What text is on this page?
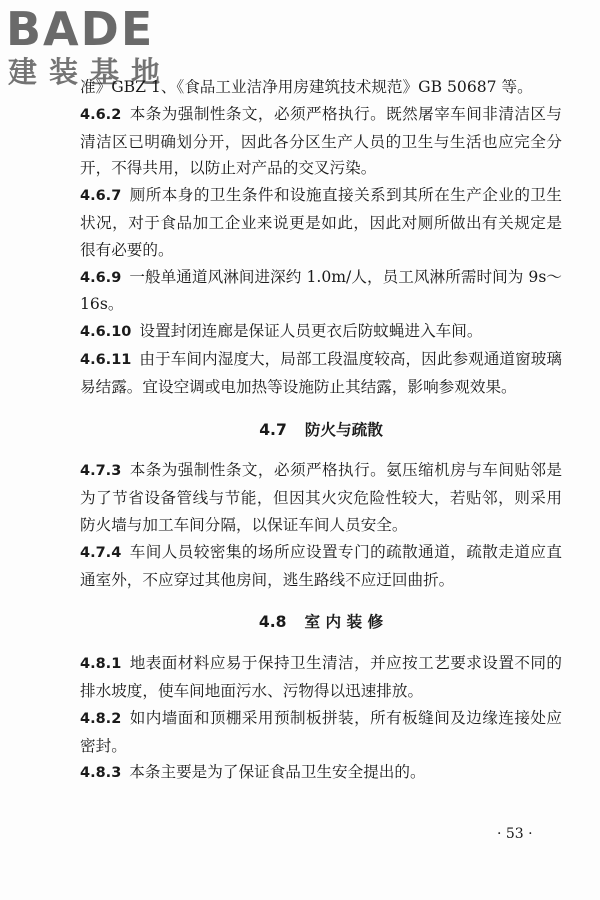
BADE
建装基地

准》GBZ 1、《食品工业洁净用房建筑技术规范》GB 50687 等。

4.6.2 本条为强制性条文，必须严格执行。既然屠宰车间非清洁区与清洁区已明确划分开，因此各分区生产人员的卫生与生活也应完全分开，不得共用，以防止对产品的交叉污染。

4.6.7 厕所本身的卫生条件和设施直接关系到其所在生产企业的卫生状况，对于食品加工企业来说更是如此，因此对厕所做出有关规定是很有必要的。

4.6.9 一般单通道风淋间进深约 1.0m/人，员工风淋所需时间为 9s～16s。

4.6.10 设置封闭连廊是保证人员更衣后防蚊蝇进入车间。

4.6.11 由于车间内湿度大，局部工段温度较高，因此参观通道窗玻璃易结露。宜设空调或电加热等设施防止其结露，影响参观效果。

4.7 防火与疏散

4.7.3 本条为强制性条文，必须严格执行。氨压缩机房与车间贴邻是为了节省设备管线与节能，但因其火灾危险性较大，若贴邻，则采用防火墙与加工车间分隔，以保证车间人员安全。

4.7.4 车间人员较密集的场所应设置专门的疏散通道，疏散走道应直通室外，不应穿过其他房间，逃生路线不应迂回曲折。

4.8 室 内 装 修

4.8.1 地表面材料应易于保持卫生清洁，并应按工艺要求设置不同的排水坡度，使车间地面污水、污物得以迅速排放。

4.8.2 如内墙面和顶棚采用预制板拼装，所有板缝间及边缘连接处应密封。

4.8.3 本条主要是为了保证食品卫生安全提出的。

· 53 ·
